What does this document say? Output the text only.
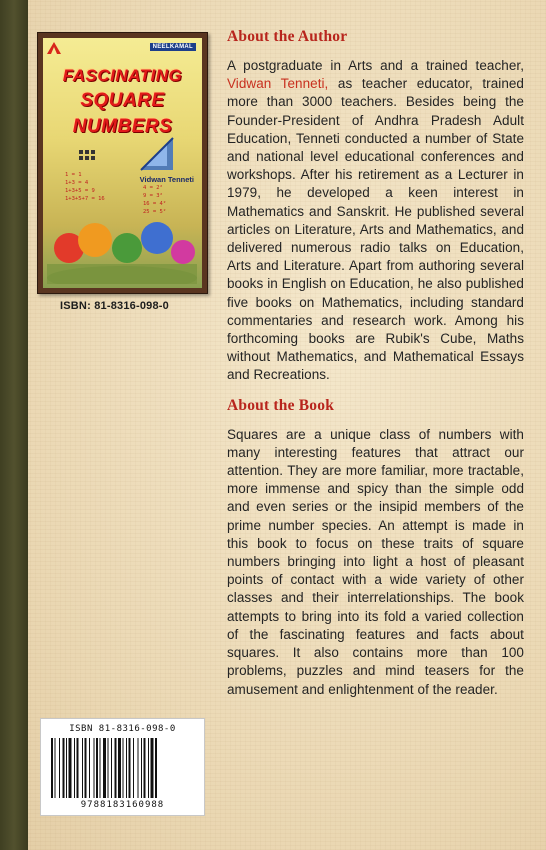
NEELKAMAL
FASCINATING
SQUARE
NUMBERS
1 = 1
1+3 = 4
1+3+5 = 9
1+3+5+7 = 16
4 = 2²
9 = 3²
16 = 4²
25 = 5²
Vidwan Tenneti
ISBN: 81-8316-098-0
About the Author

A postgraduate in Arts and a trained teacher, Vidwan Tenneti, as teacher educator, trained more than 3000 teachers. Besides being the Founder-President of Andhra Pradesh Adult Education, Tenneti conducted a number of State and national level educational conferences and workshops. After his retirement as a Lecturer in 1979, he developed a keen interest in Mathematics and Sanskrit. He published several articles on Literature, Arts and Mathematics, and delivered numerous radio talks on Education, Arts and Literature. Apart from authoring several books in English on Education, he also published five books on Mathematics, including standard commentaries and research work. Among his forthcoming books are Rubik's Cube, Maths without Mathematics, and Mathematical Essays and Recreations.

About the Book

Squares are a unique class of numbers with many interesting features that attract our attention. They are more familiar, more tractable, more immense and spicy than the simple odd and even series or the insipid members of the prime number species. An attempt is made in this book to focus on these traits of square numbers bringing into light a host of pleasant points of contact with a wide variety of other classes and their interrelationships. The book attempts to bring into its fold a varied collection of the fascinating features and facts about squares. It also contains more than 100 problems, puzzles and mind teasers for the amusement and enlightenment of the reader.

ISBN 81-8316-098-0
9788183160988
